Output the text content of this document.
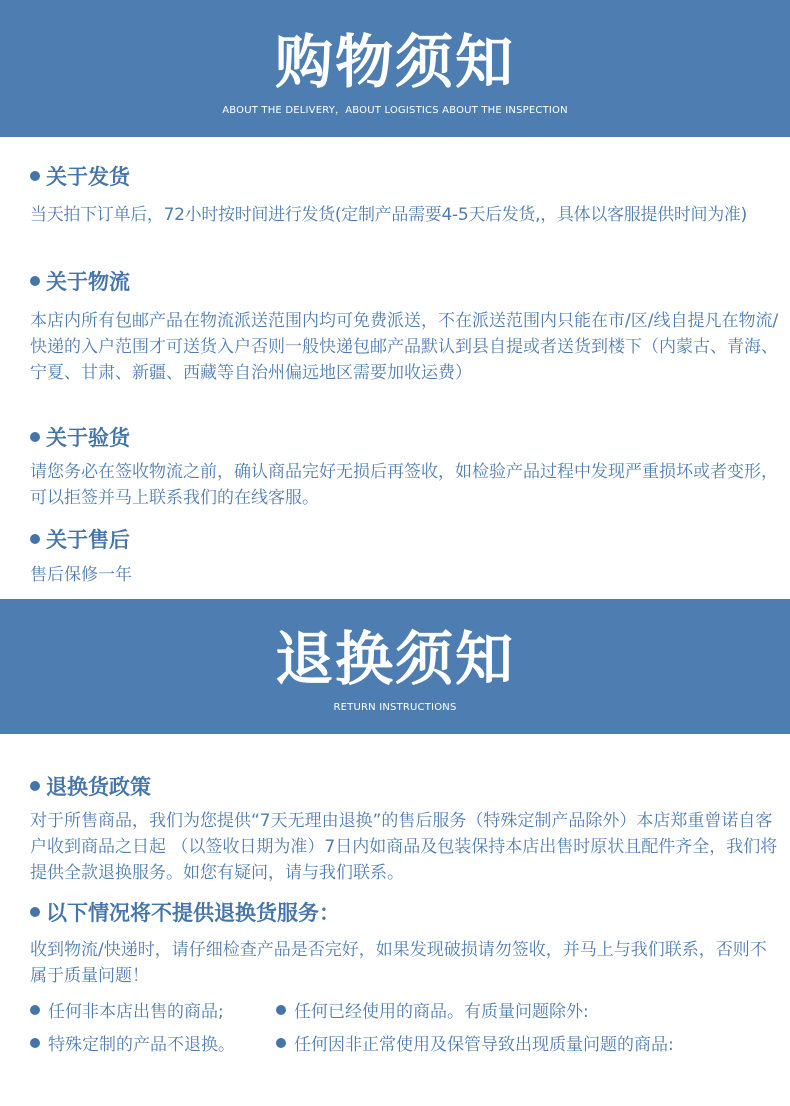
购物须知
ABOUT THE DELIVERY，ABOUT LOGISTICS ABOUT THE INSPECTION
关于发货
当天拍下订单后，72小时按时间进行发货(定制产品需要4-5天后发货,，具体以客服提供时间为准)
关于物流
本店内所有包邮产品在物流派送范围内均可免费派送，不在派送范围内只能在市/区/线自提凡在物流/快递的入户范围才可送货入户否则一般快递包邮产品默认到县自提或者送货到楼下（内蒙古、青海、宁夏、甘肃、新疆、西藏等自治州偏远地区需要加收运费）
关于验货
请您务必在签收物流之前，确认商品完好无损后再签收，如检验产品过程中发现严重损坏或者变形，可以拒签并马上联系我们的在线客服。
关于售后
售后保修一年
退换须知
RETURN INSTRUCTIONS
退换货政策
对于所售商品，我们为您提供“7天无理由退换”的售后服务（特殊定制产品除外）本店郑重曾诺自客户收到商品之日起 （以签收日期为准）7日内如商品及包装保持本店出售时原状且配件齐全，我们将提供全款退换服务。如您有疑问，请与我们联系。
以下情况将不提供退换货服务：
收到物流/快递时，请仔细检查产品是否完好，如果发现破损请勿签收，并马上与我们联系，否则不属于质量问题！
任何非本店出售的商品;	任何已经使用的商品。有质量问题除外:
特殊定制的产品不退换。	任何因非正常使用及保管导致出现质量问题的商品:
